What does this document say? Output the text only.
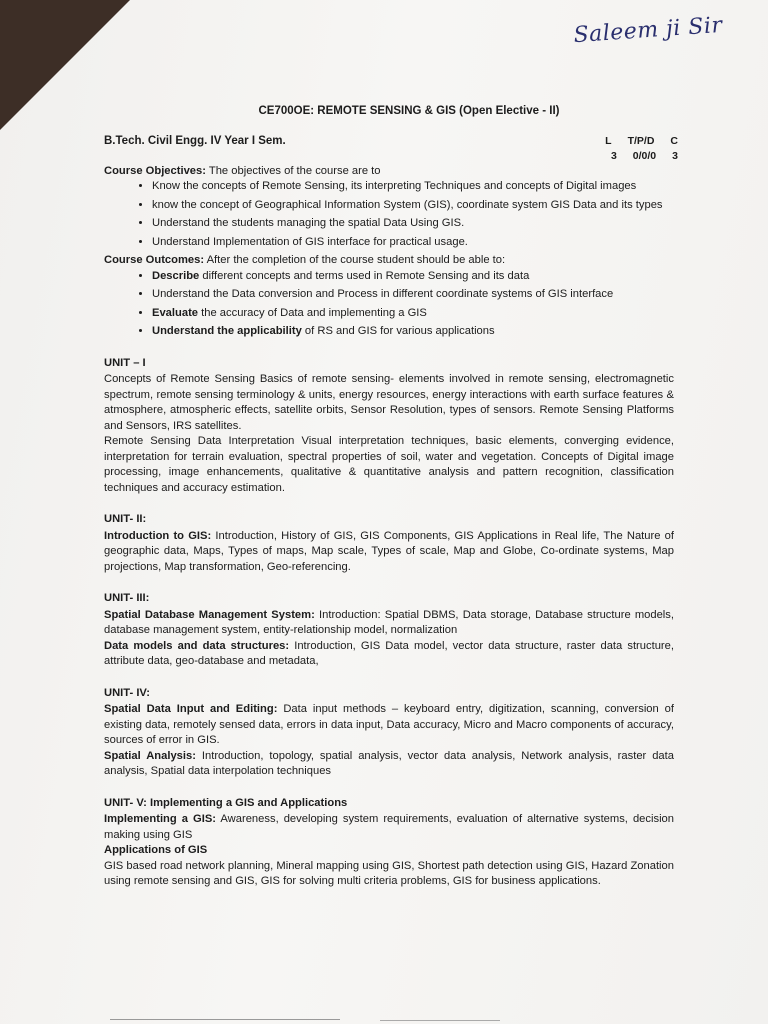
Saleem ji Sir
CE700OE: REMOTE SENSING & GIS (Open Elective - II)
B.Tech. Civil Engg. IV Year I Sem.	L T/P/D C
3 0/0/0 3
Course Objectives: The objectives of the course are to
• Know the concepts of Remote Sensing, its interpreting Techniques and concepts of Digital images
• know the concept of Geographical Information System (GIS), coordinate system GIS Data and its types
• Understand the students managing the spatial Data Using GIS.
• Understand Implementation of GIS interface for practical usage.
Course Outcomes: After the completion of the course student should be able to:
• Describe different concepts and terms used in Remote Sensing and its data
• Understand the Data conversion and Process in different coordinate systems of GIS interface
• Evaluate the accuracy of Data and implementing a GIS
• Understand the applicability of RS and GIS for various applications
UNIT – I

Concepts of Remote Sensing Basics of remote sensing- elements involved in remote sensing, electromagnetic spectrum, remote sensing terminology & units, energy resources, energy interactions with earth surface features & atmosphere, atmospheric effects, satellite orbits, Sensor Resolution, types of sensors. Remote Sensing Platforms and Sensors, IRS satellites.

Remote Sensing Data Interpretation Visual interpretation techniques, basic elements, converging evidence, interpretation for terrain evaluation, spectral properties of soil, water and vegetation. Concepts of Digital image processing, image enhancements, qualitative & quantitative analysis and pattern recognition, classification techniques and accuracy estimation.

UNIT- II:

Introduction to GIS: Introduction, History of GIS, GIS Components, GIS Applications in Real life, The Nature of geographic data, Maps, Types of maps, Map scale, Types of scale, Map and Globe, Co-ordinate systems, Map projections, Map transformation, Geo-referencing.

UNIT- III:

Spatial Database Management System: Introduction: Spatial DBMS, Data storage, Database structure models, database management system, entity-relationship model, normalization

Data models and data structures: Introduction, GIS Data model, vector data structure, raster data structure, attribute data, geo-database and metadata,

UNIT- IV:

Spatial Data Input and Editing: Data input methods – keyboard entry, digitization, scanning, conversion of existing data, remotely sensed data, errors in data input, Data accuracy, Micro and Macro components of accuracy, sources of error in GIS.

Spatial Analysis: Introduction, topology, spatial analysis, vector data analysis, Network analysis, raster data analysis, Spatial data interpolation techniques

UNIT- V: Implementing a GIS and Applications

Implementing a GIS: Awareness, developing system requirements, evaluation of alternative systems, decision making using GIS

Applications of GIS

GIS based road network planning, Mineral mapping using GIS, Shortest path detection using GIS, Hazard Zonation using remote sensing and GIS, GIS for solving multi criteria problems, GIS for business applications.
